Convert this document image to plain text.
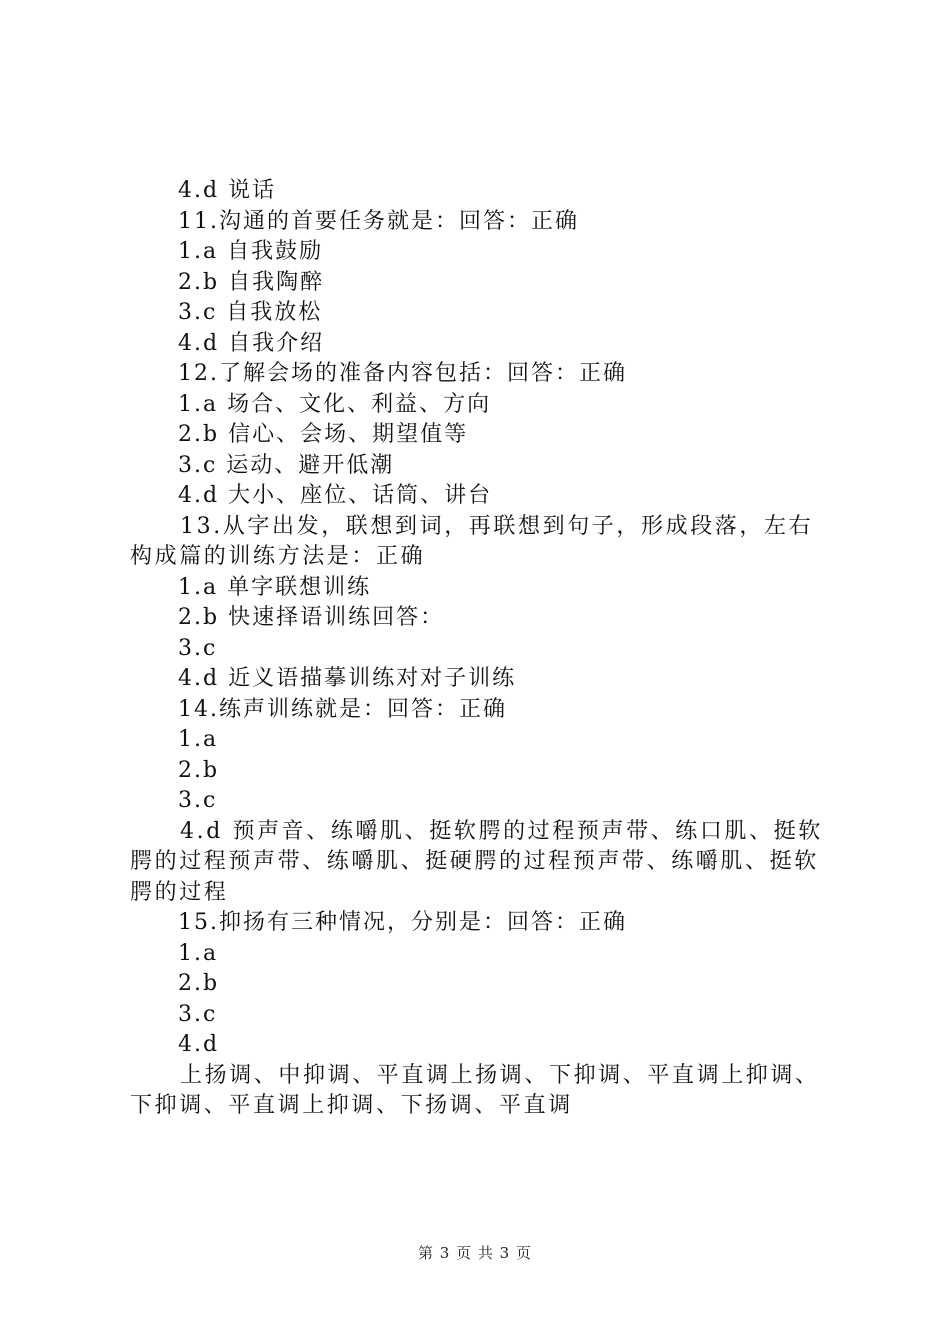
4.d 说话
11.沟通的首要任务就是：回答：正确
1.a 自我鼓励
2.b 自我陶醉
3.c 自我放松
4.d 自我介绍
12.了解会场的准备内容包括：回答：正确
1.a 场合、文化、利益、方向
2.b 信心、会场、期望值等
3.c 运动、避开低潮
4.d 大小、座位、话筒、讲台
13.从字出发，联想到词，再联想到句子，形成段落，左右构成篇的训练方法是：正确
1.a 单字联想训练
2.b 快速择语训练回答：
3.c
4.d 近义语描摹训练对对子训练
14.练声训练就是：回答：正确
1.a
2.b
3.c
4.d 预声音、练嚼肌、挺软腭的过程预声带、练口肌、挺软腭的过程预声带、练嚼肌、挺硬腭的过程预声带、练嚼肌、挺软腭的过程
15.抑扬有三种情况，分别是：回答：正确
1.a
2.b
3.c
4.d
上扬调、中抑调、平直调上扬调、下抑调、平直调上抑调、下抑调、平直调上抑调、下扬调、平直调
第 3 页 共 3 页
